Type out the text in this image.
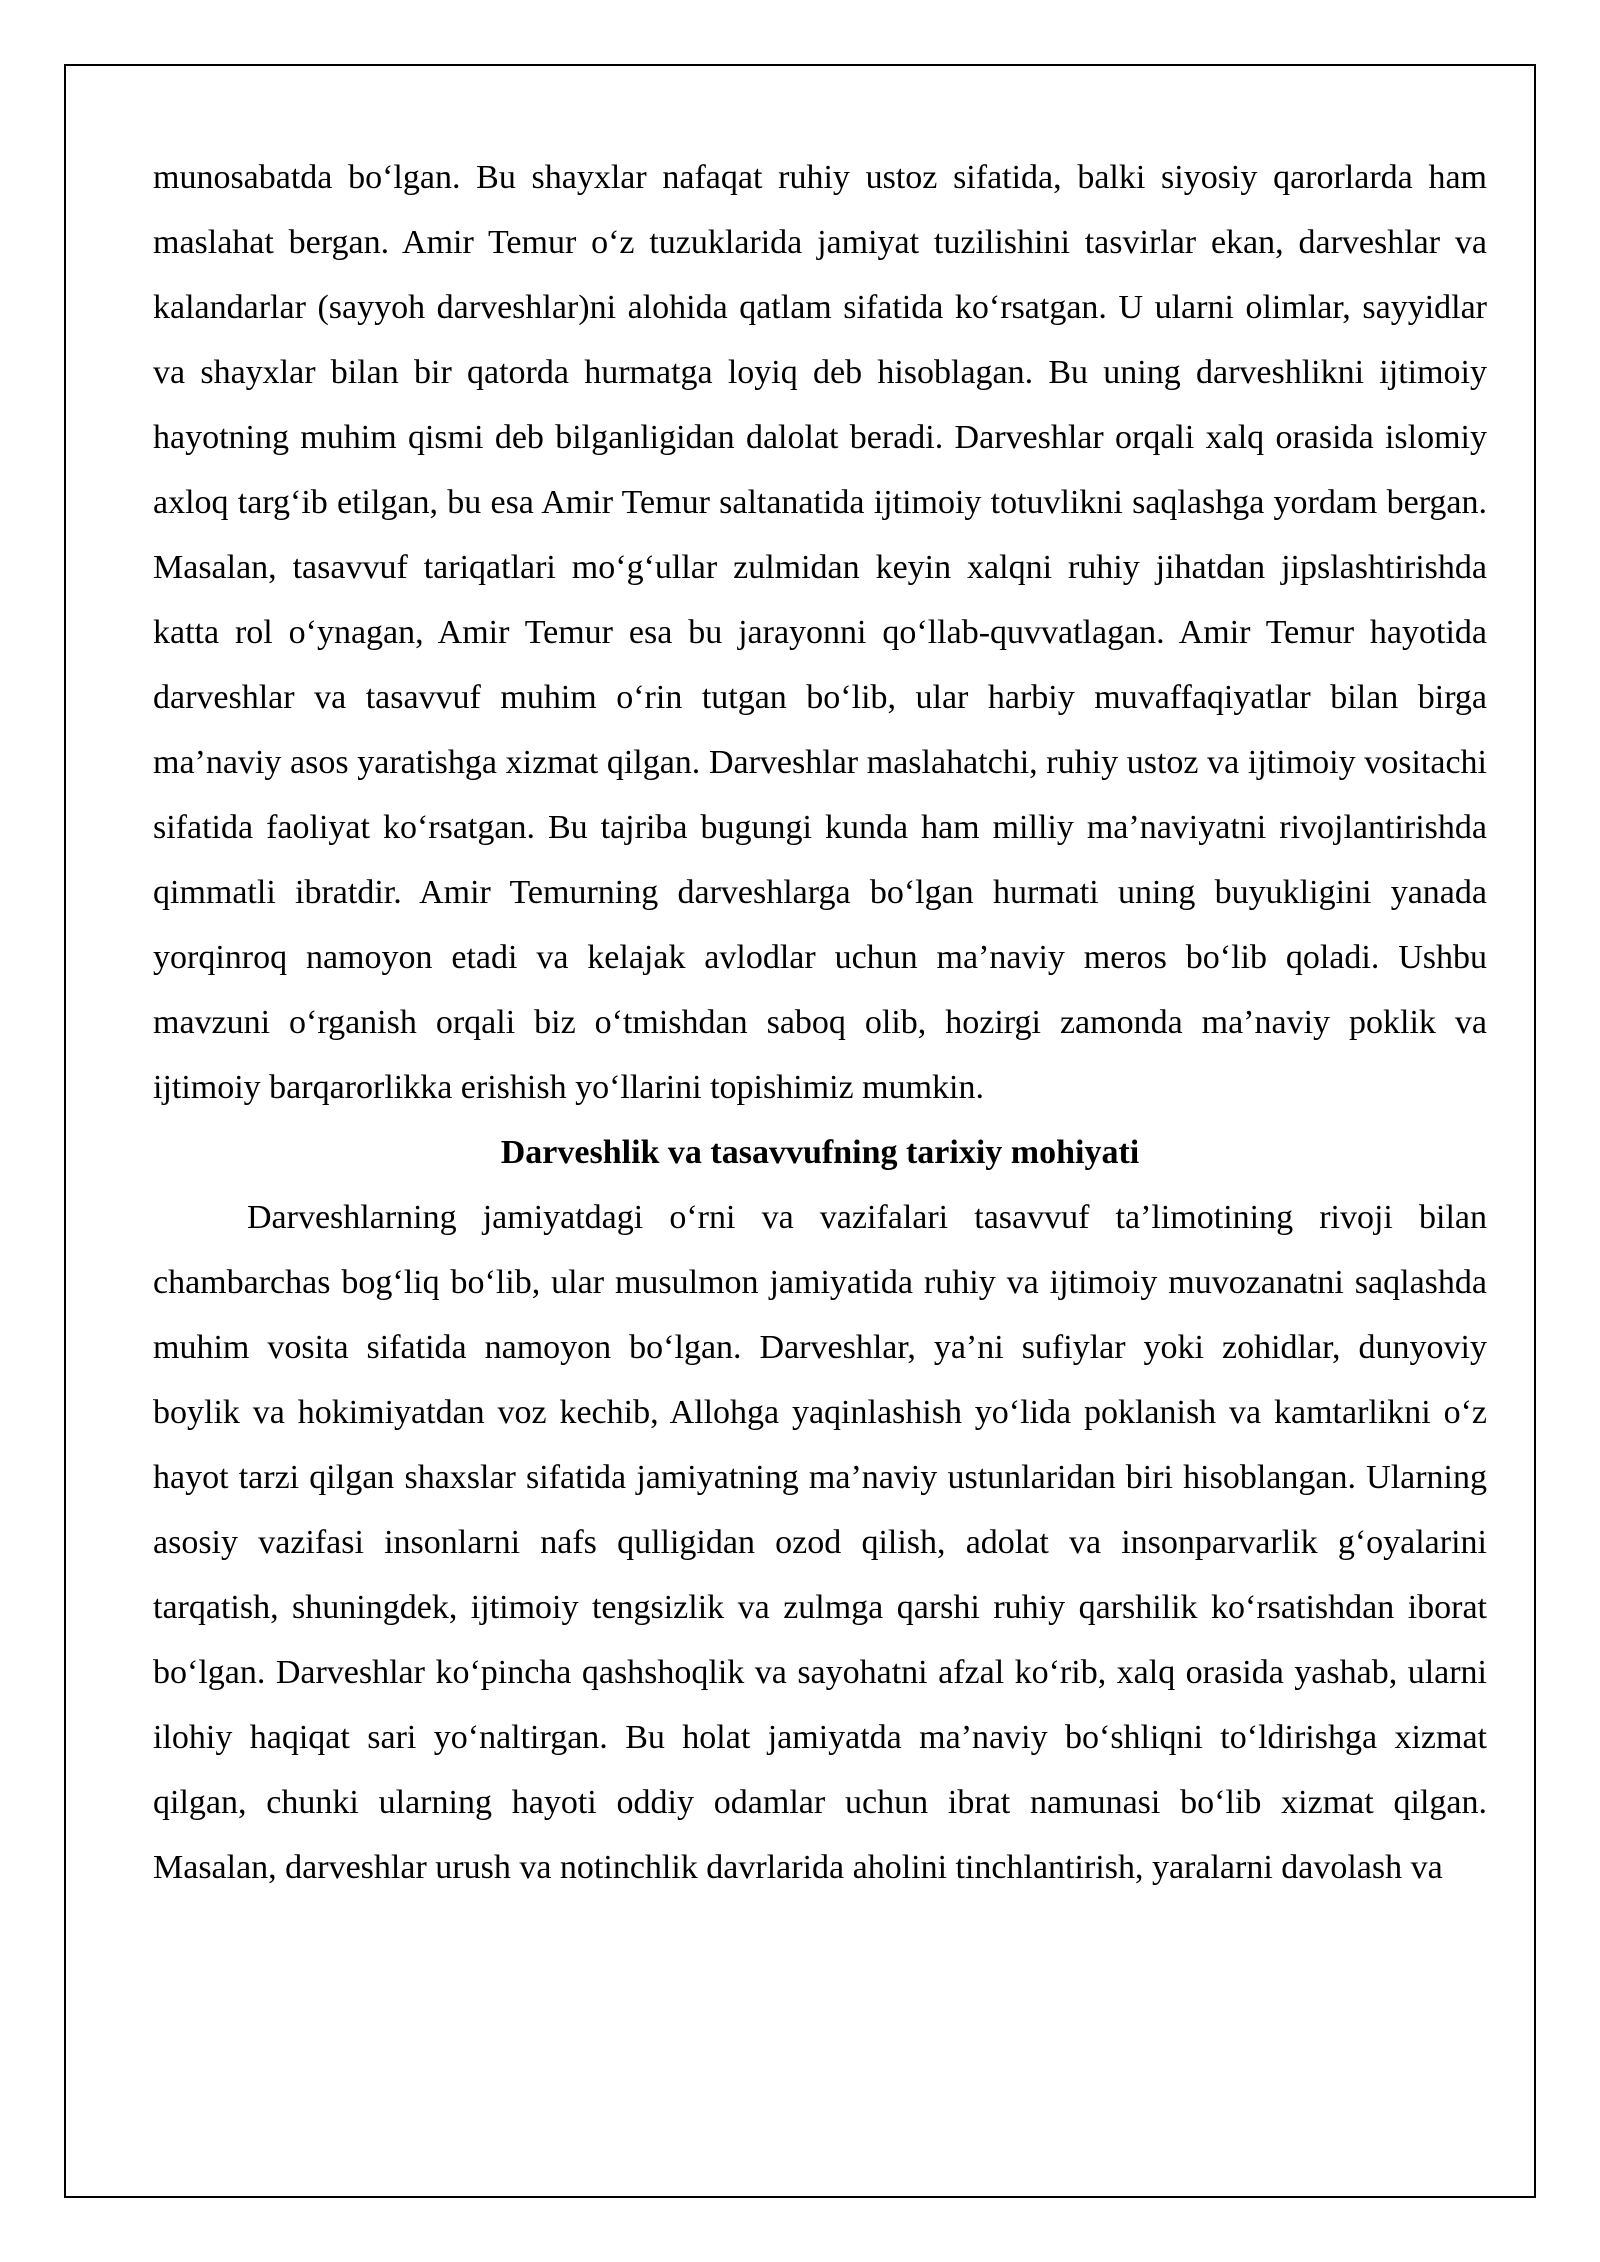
munosabatda bo‘lgan. Bu shayxlar nafaqat ruhiy ustoz sifatida, balki siyosiy qarorlarda ham maslahat bergan. Amir Temur o‘z tuzuklarida jamiyat tuzilishini tasvirlar ekan, darveshlar va kalandarlar (sayyoh darveshlar)ni alohida qatlam sifatida ko‘rsatgan. U ularni olimlar, sayyidlar va shayxlar bilan bir qatorda hurmatga loyiq deb hisoblagan. Bu uning darveshlikni ijtimoiy hayotning muhim qismi deb bilganligidan dalolat beradi. Darveshlar orqali xalq orasida islomiy axloq targ‘ib etilgan, bu esa Amir Temur saltanatida ijtimoiy totuvlikni saqlashga yordam bergan. Masalan, tasavvuf tariqatlari mo‘g‘ullar zulmidan keyin xalqni ruhiy jihatdan jipslashtirishda katta rol o‘ynagan, Amir Temur esa bu jarayonni qo‘llab-quvvatlagan. Amir Temur hayotida darveshlar va tasavvuf muhim o‘rin tutgan bo‘lib, ular harbiy muvaffaqiyatlar bilan birga ma’naviy asos yaratishga xizmat qilgan. Darveshlar maslahatchi, ruhiy ustoz va ijtimoiy vositachi sifatida faoliyat ko‘rsatgan. Bu tajriba bugungi kunda ham milliy ma’naviyatni rivojlantirishda qimmatli ibratdir. Amir Temurning darveshlarga bo‘lgan hurmati uning buyukligini yanada yorqinroq namoyon etadi va kelajak avlodlar uchun ma’naviy meros bo‘lib qoladi. Ushbu mavzuni o‘rganish orqali biz o‘tmishdan saboq olib, hozirgi zamonda ma’naviy poklik va ijtimoiy barqarorlikka erishish yo‘llarini topishimiz mumkin.

Darveshlik va tasavvufning tarixiy mohiyati

Darveshlarning jamiyatdagi o‘rni va vazifalari tasavvuf ta’limotining rivoji bilan chambarchas bog‘liq bo‘lib, ular musulmon jamiyatida ruhiy va ijtimoiy muvozanatni saqlashda muhim vosita sifatida namoyon bo‘lgan. Darveshlar, ya’ni sufiylar yoki zohidlar, dunyoviy boylik va hokimiyatdan voz kechib, Allohga yaqinlashish yo‘lida poklanish va kamtarlikni o‘z hayot tarzi qilgan shaxslar sifatida jamiyatning ma’naviy ustunlaridan biri hisoblangan. Ularning asosiy vazifasi insonlarni nafs qulligidan ozod qilish, adolat va insonparvarlik g‘oyalarini tarqatish, shuningdek, ijtimoiy tengsizlik va zulmga qarshi ruhiy qarshilik ko‘rsatishdan iborat bo‘lgan. Darveshlar ko‘pincha qashshoqlik va sayohatni afzal ko‘rib, xalq orasida yashab, ularni ilohiy haqiqat sari yo‘naltirgan. Bu holat jamiyatda ma’naviy bo‘shliqni to‘ldirishga xizmat qilgan, chunki ularning hayoti oddiy odamlar uchun ibrat namunasi bo‘lib xizmat qilgan. Masalan, darveshlar urush va notinchlik davrlarida aholini tinchlantirish, yaralarni davolash va
